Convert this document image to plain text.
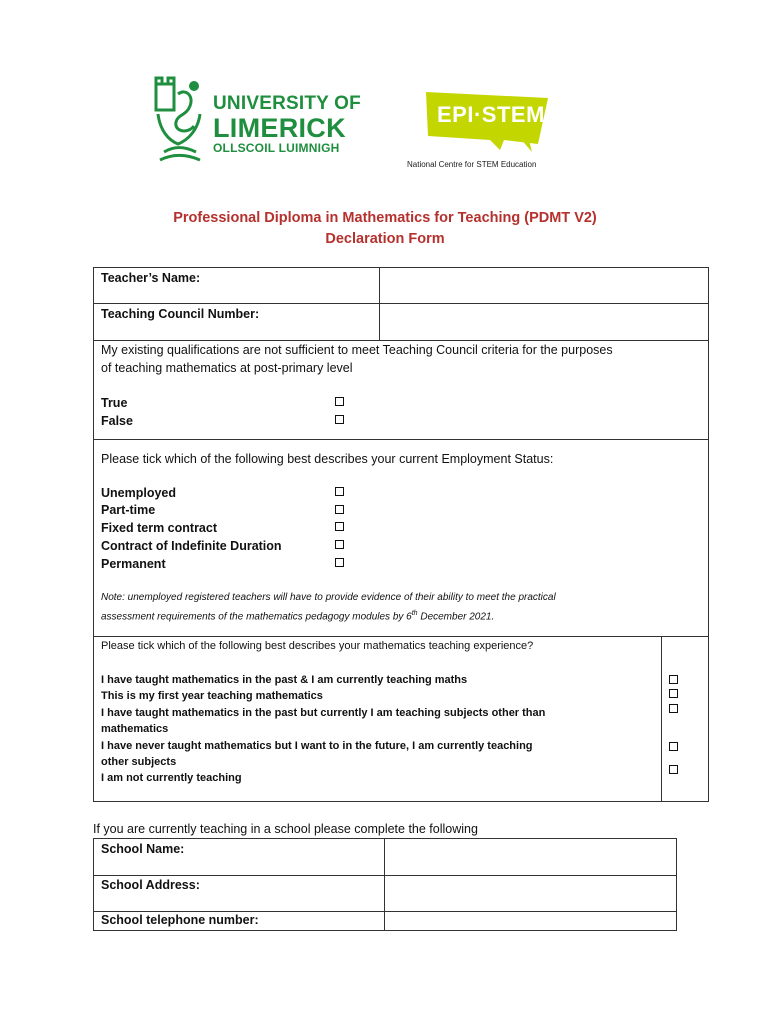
UNIVERSITY OF
LIMERICK
OLLSCOIL LUIMNIGH
EPI·STEM
National Centre for STEM Education
Professional Diploma in Mathematics for Teaching (PDMT V2)
Declaration Form
Teacher’s Name:
Teaching Council Number:
My existing qualifications are not sufficient to meet Teaching Council criteria for the purposes
of teaching mathematics at post-primary level
True
False
Please tick which of the following best describes your current Employment Status:
Unemployed
Part-time
Fixed term contract
Contract of Indefinite Duration
Permanent
Note: unemployed registered teachers will have to provide evidence of their ability to meet the practical
assessment requirements of the mathematics pedagogy modules by 6th December 2021.
Please tick which of the following best describes your mathematics teaching experience?
I have taught mathematics in the past & I am currently teaching maths
This is my first year teaching mathematics
I have taught mathematics in the past but currently I am teaching subjects other than
mathematics
I have never taught mathematics but I want to in the future, I am currently teaching
other subjects
I am not currently teaching
If you are currently teaching in a school please complete the following
School Name:
School Address:
School telephone number:
